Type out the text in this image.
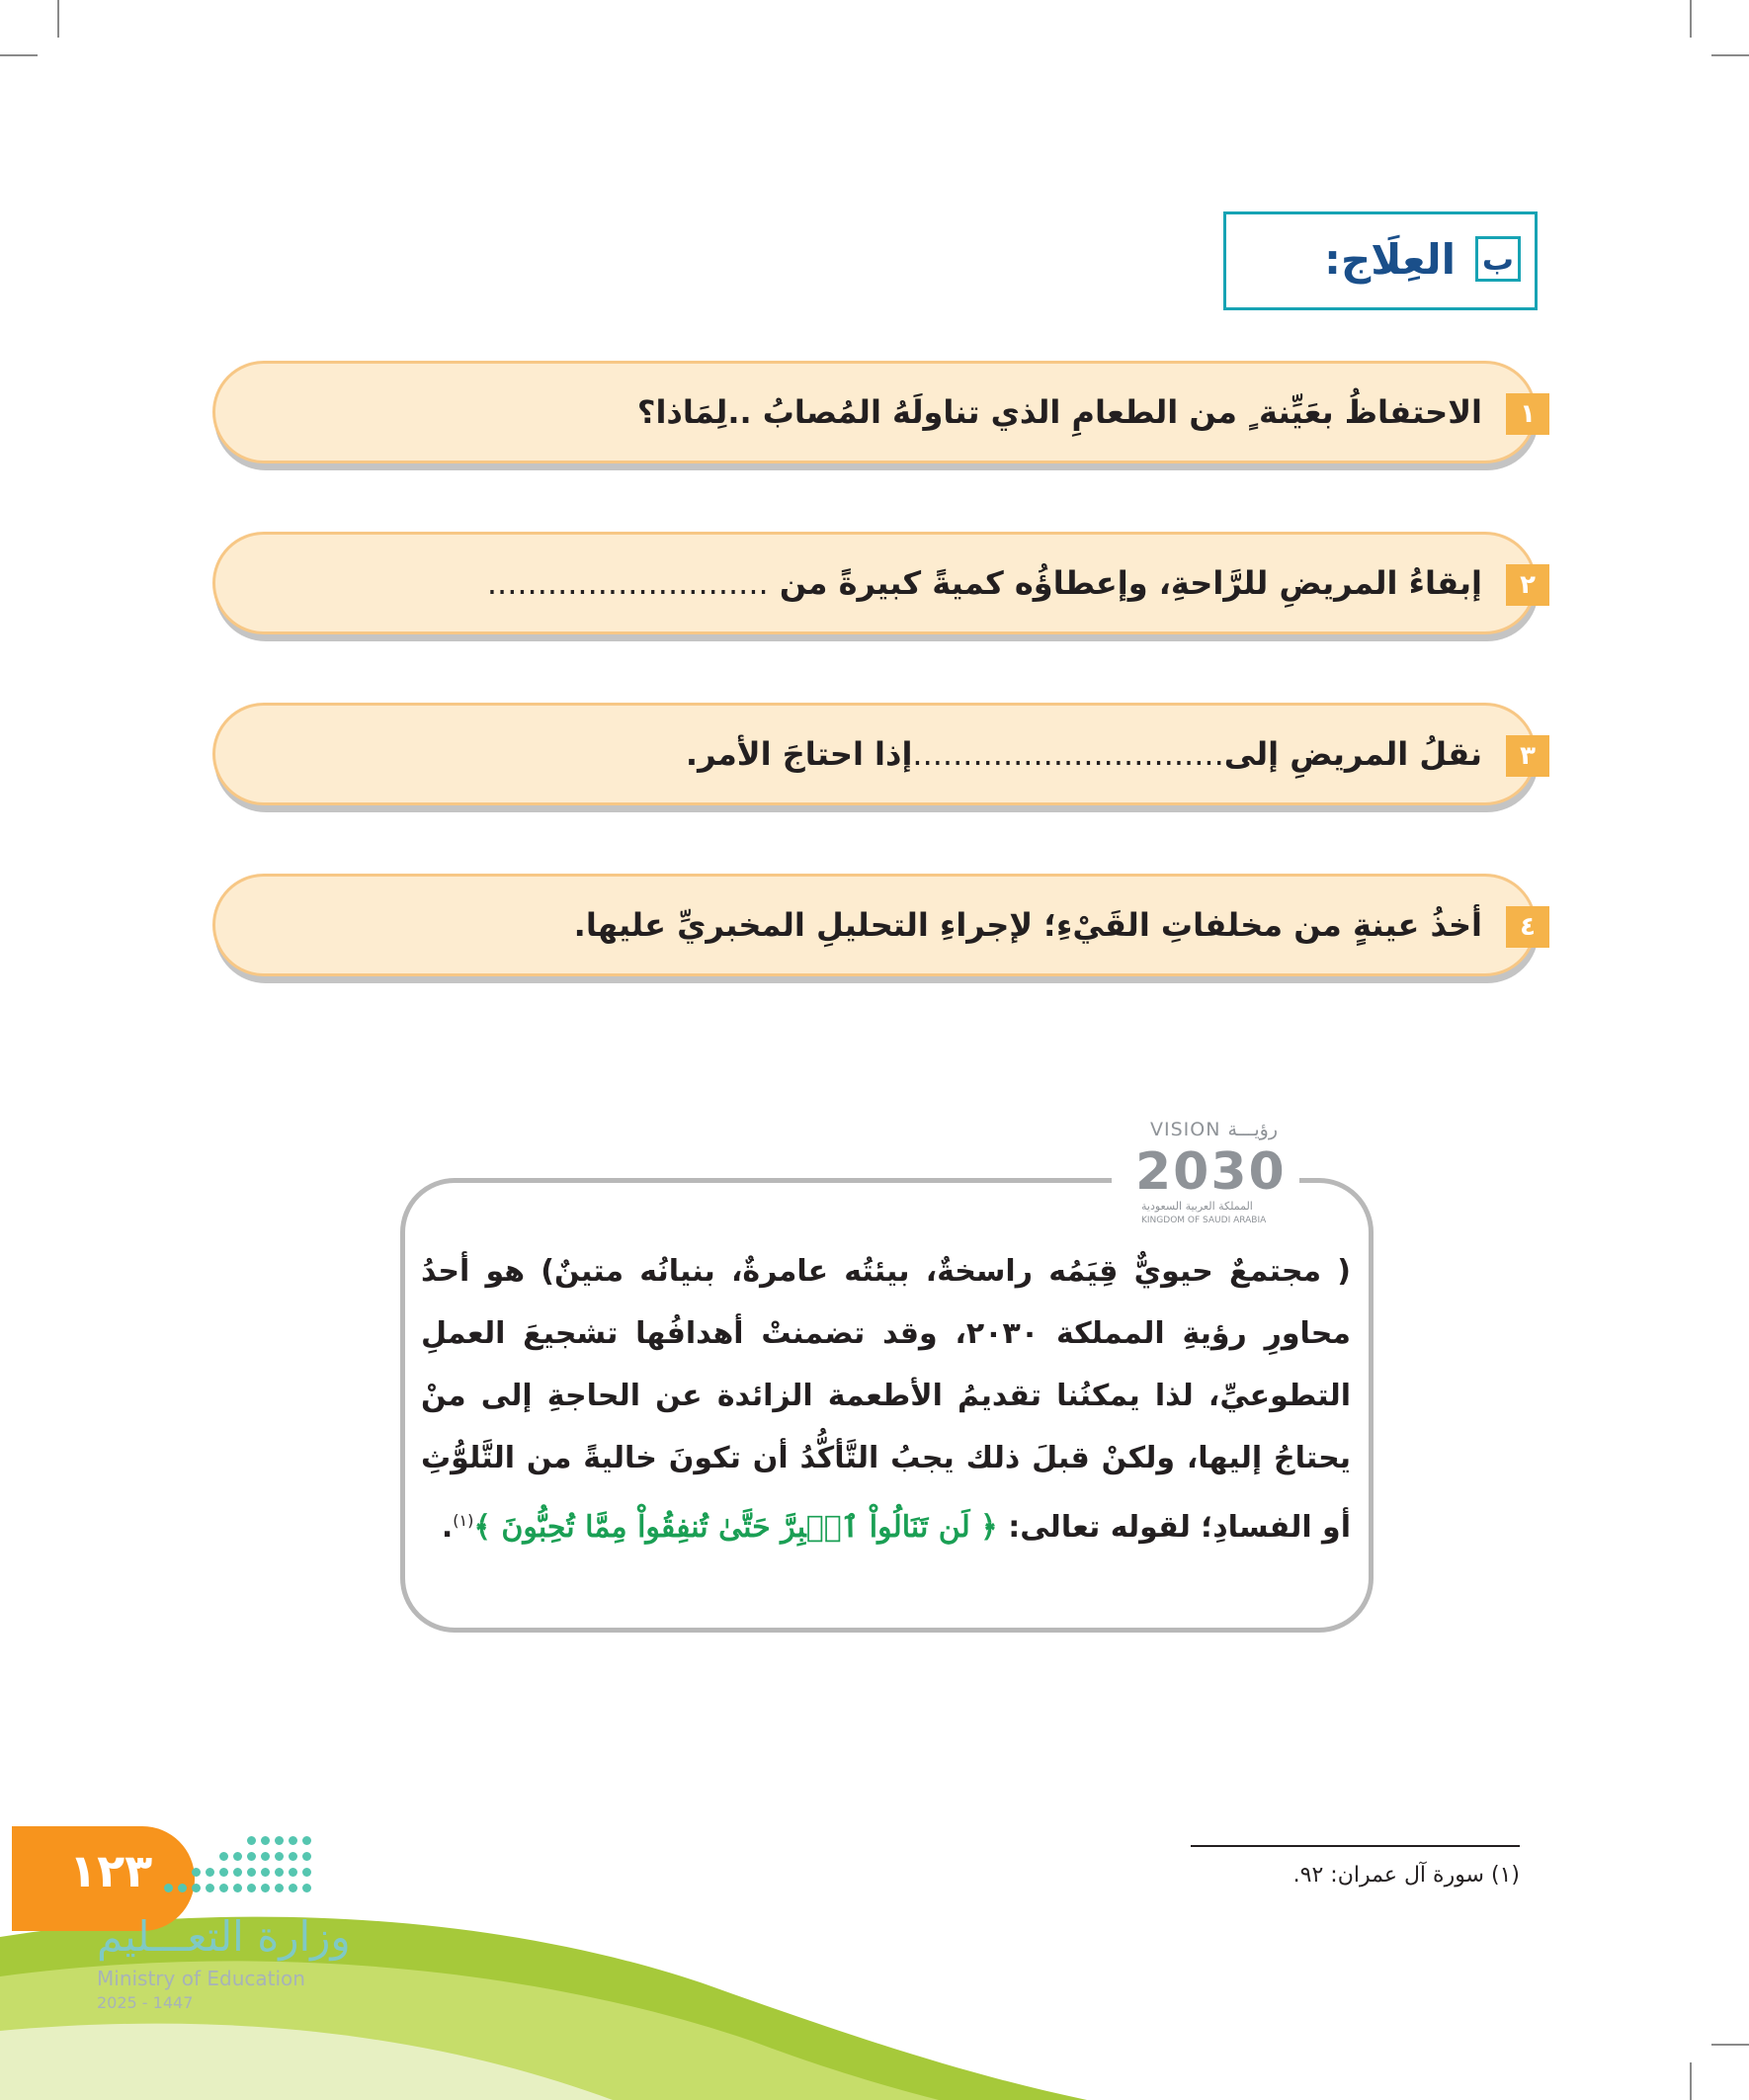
ب
العِلَاج:
١
الاحتفاظُ بعَيِّنة ٍ من الطعامِ الذي تناولَهُ المُصابُ ..لِمَاذا؟
٢
إبقاءُ المريضِ للرَّاحةِ، وإعطاؤُه كميةً كبيرةً من ............................
٣
نقلُ المريضِ إلى...............................إذا احتاجَ الأمر.
٤
أخذُ عينةٍ من مخلفاتِ القَيْءِ؛ لإجراءِ التحليلِ المخبريِّ عليها.
( مجتمعٌ حيويٌّ قِيَمُه راسخةٌ، بيئتُه عامرةٌ، بنيانُه متينٌ) هو أحدُ محاورِ رؤيةِ المملكة ٢٠٣٠، وقد تضمنتْ أهدافُها تشجيعَ العملِ التطوعيِّ، لذا يمكنُنا تقديمُ الأطعمة الزائدة عن الحاجةِ إلى منْ يحتاجُ إليها، ولكنْ قبلَ ذلك يجبُ التَّأكُّدُ أن تكونَ خاليةً من التَّلوُّثِ أو الفسادِ؛ لقوله تعالى: ﴿ لَن تَنَالُواْ ٱلۡبِرَّ حَتَّىٰ تُنفِقُواْ مِمَّا تُحِبُّونَ ﴾$^{(١)}$.
VISION رؤيـــة
2030
المملكة العربية السعودية
KINGDOM OF SAUDI ARABIA
(١) سورة آل عمران: ٩٢.
١٢٣
وزارة التعـــليم
Ministry of Education
2025 - 1447
